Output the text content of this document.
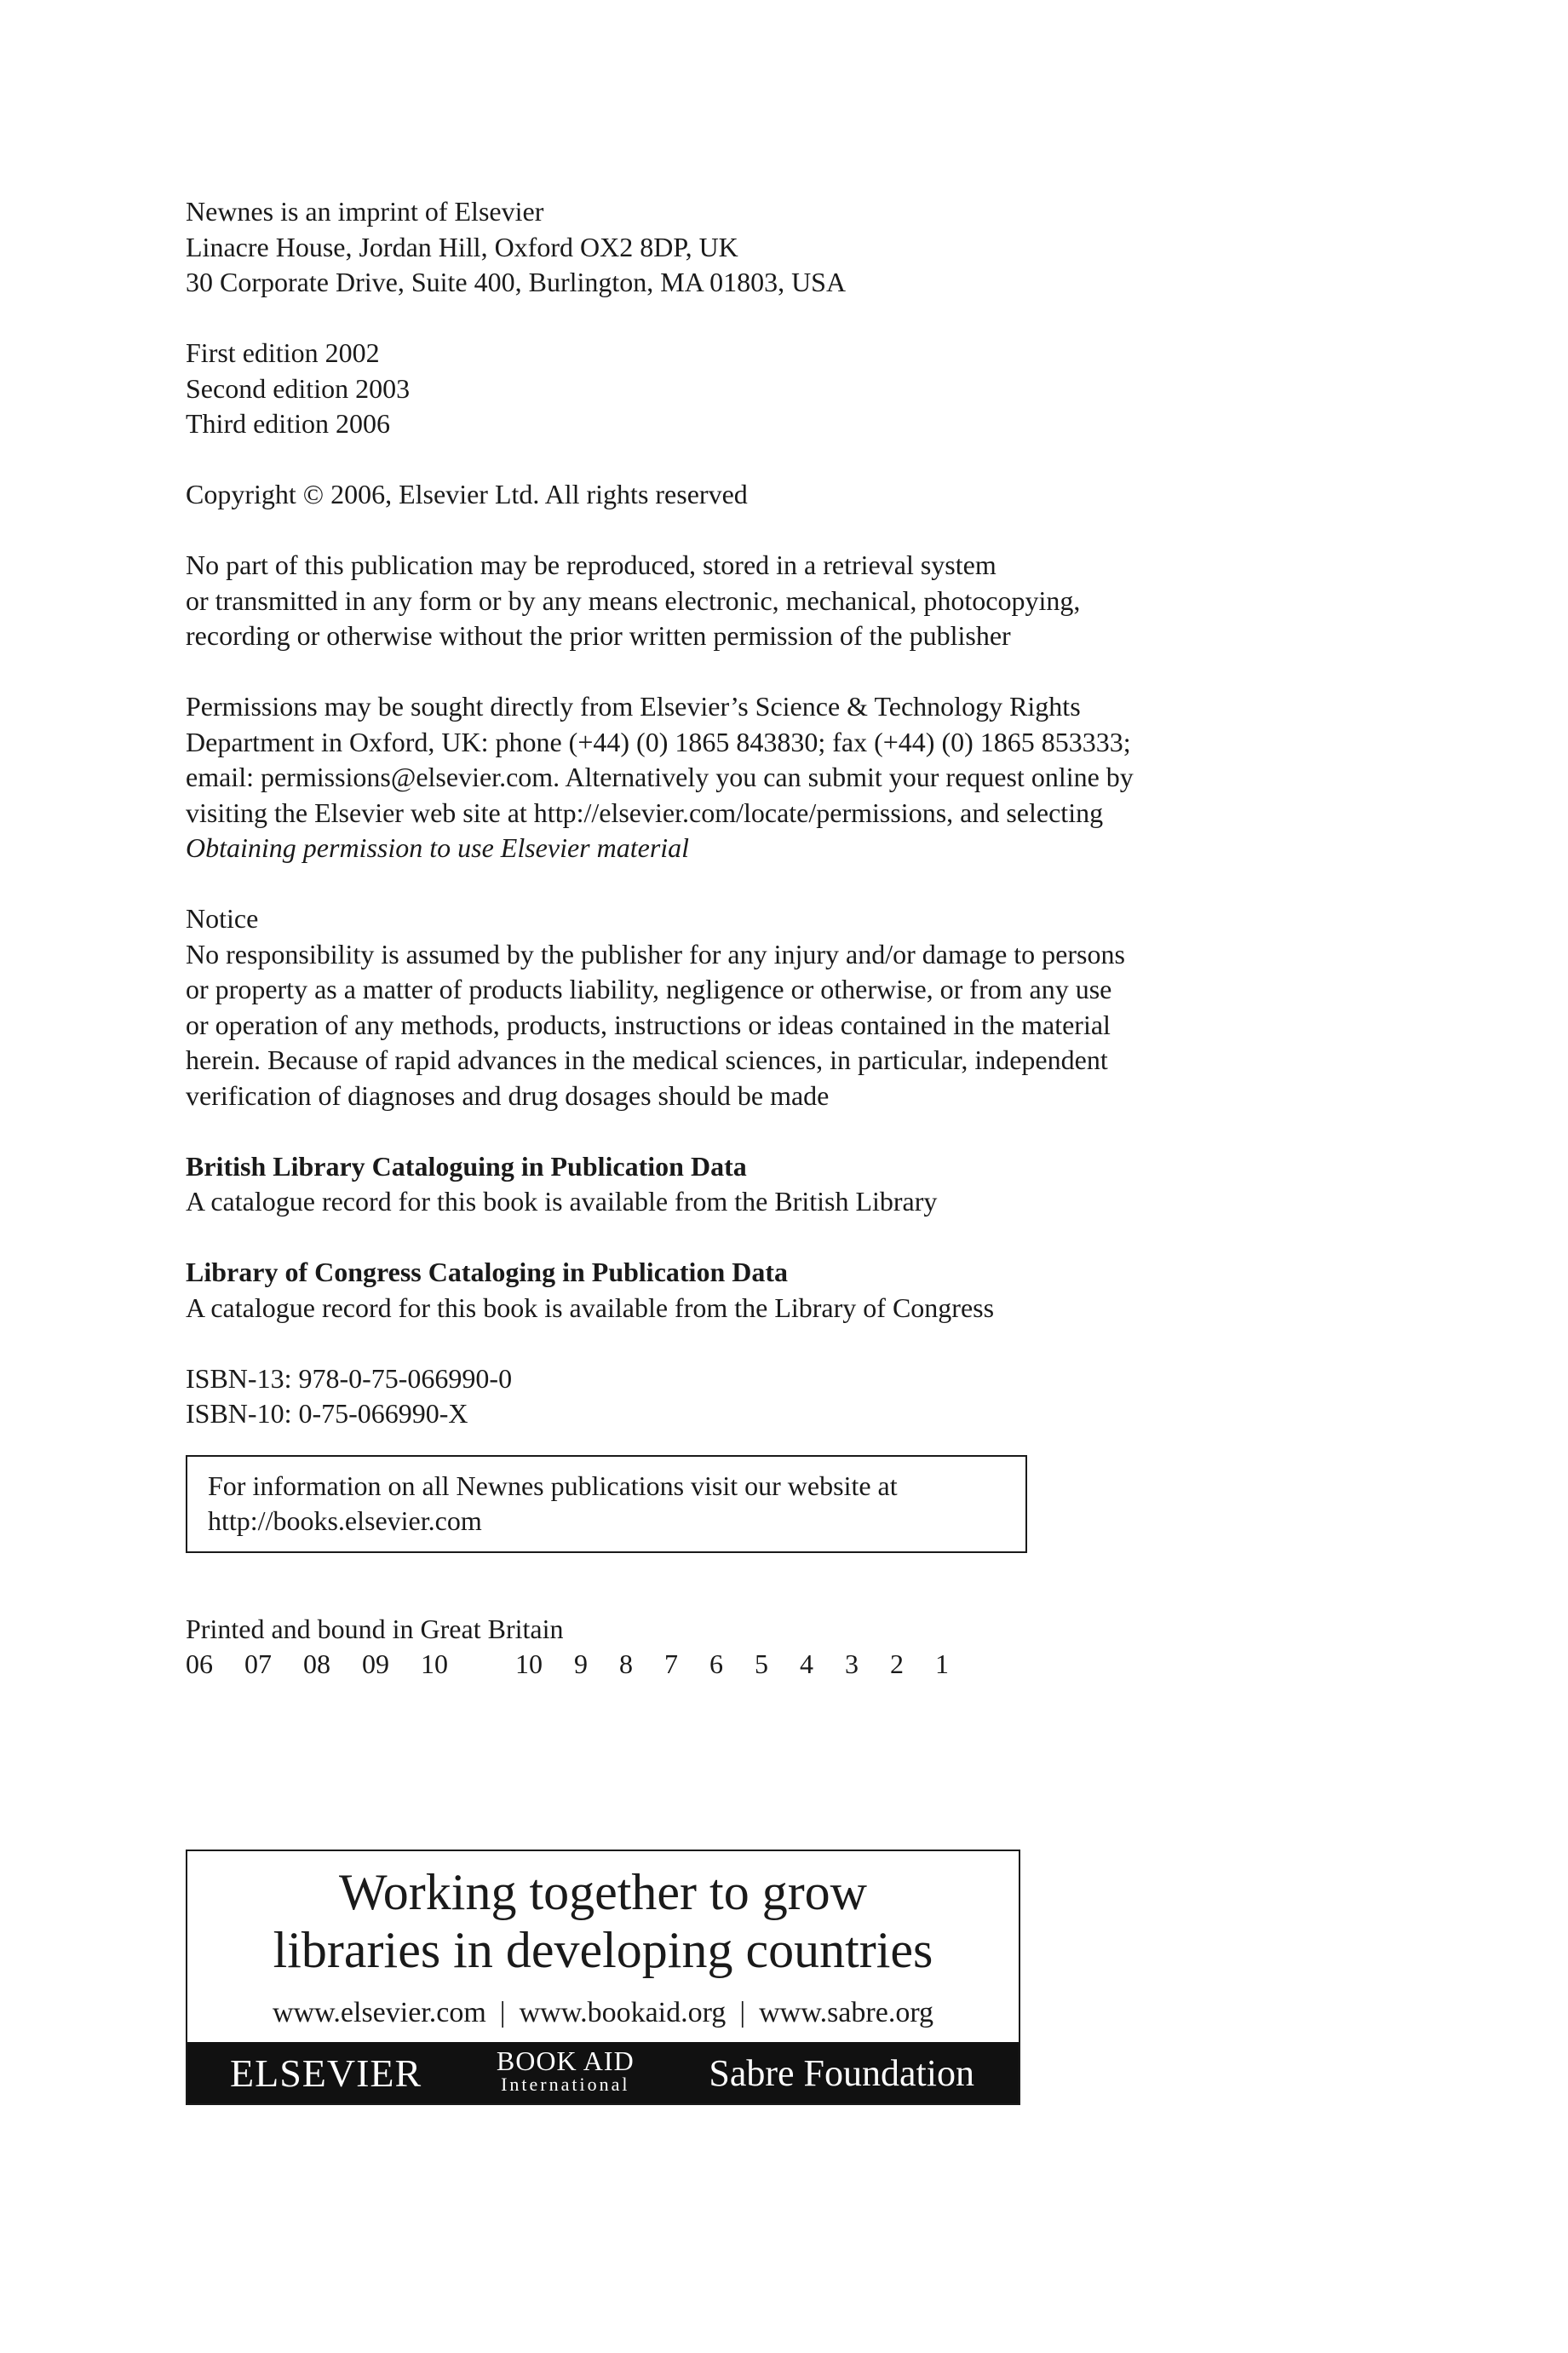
Newnes is an imprint of Elsevier
Linacre House, Jordan Hill, Oxford OX2 8DP, UK
30 Corporate Drive, Suite 400, Burlington, MA 01803, USA
First edition 2002
Second edition 2003
Third edition 2006
Copyright © 2006, Elsevier Ltd. All rights reserved
No part of this publication may be reproduced, stored in a retrieval system
or transmitted in any form or by any means electronic, mechanical, photocopying,
recording or otherwise without the prior written permission of the publisher
Permissions may be sought directly from Elsevier’s Science & Technology Rights
Department in Oxford, UK: phone (+44) (0) 1865 843830; fax (+44) (0) 1865 853333;
email: permissions@elsevier.com. Alternatively you can submit your request online by
visiting the Elsevier web site at http://elsevier.com/locate/permissions, and selecting
Obtaining permission to use Elsevier material
Notice
No responsibility is assumed by the publisher for any injury and/or damage to persons
or property as a matter of products liability, negligence or otherwise, or from any use
or operation of any methods, products, instructions or ideas contained in the material
herein. Because of rapid advances in the medical sciences, in particular, independent
verification of diagnoses and drug dosages should be made
British Library Cataloguing in Publication Data
A catalogue record for this book is available from the British Library
Library of Congress Cataloging in Publication Data
A catalogue record for this book is available from the Library of Congress
ISBN-13: 978-0-75-066990-0
ISBN-10: 0-75-066990-X
For information on all Newnes publications visit our website at
http://books.elsevier.com
Printed and bound in Great Britain
06 07 08 09 10 10 9 8 7 6 5 4 3 2 1
Working together to grow
libraries in developing countries
www.elsevier.com | www.bookaid.org | www.sabre.org
ELSEVIER	BOOK AID
International Sabre Foundation
